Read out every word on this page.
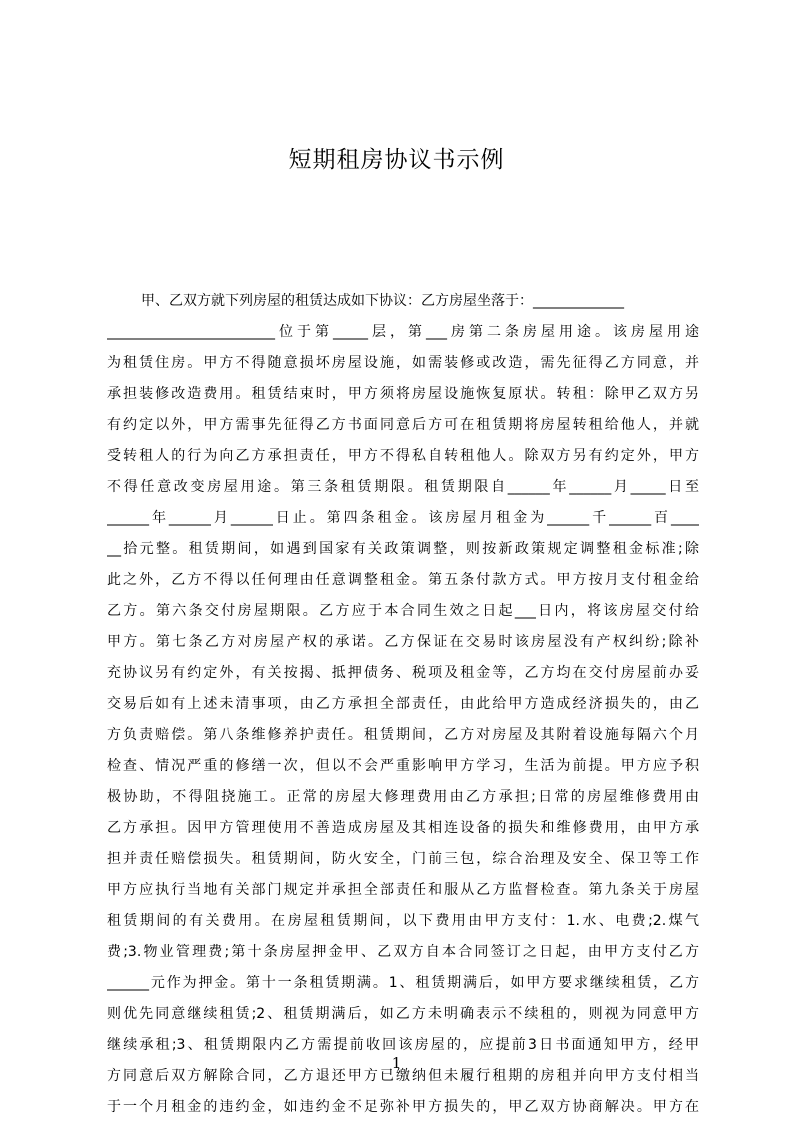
短期租房协议书示例

甲、乙双方就下列房屋的租赁达成如下协议：乙方房屋坐落于：_____________

________________________位于第_____层，第___房第二条房屋用途。该房屋用途

为租赁住房。甲方不得随意损坏房屋设施，如需装修或改造，需先征得乙方同意，并

承担装修改造费用。租赁结束时，甲方须将房屋设施恢复原状。转租：除甲乙双方另

有约定以外，甲方需事先征得乙方书面同意后方可在租赁期将房屋转租给他人，并就

受转租人的行为向乙方承担责任，甲方不得私自转租他人。除双方另有约定外，甲方

不得任意改变房屋用途。第三条租赁期限。租赁期限自______年______月_____日至

______年______月______日止。第四条租金。该房屋月租金为______千______百____

__拾元整。租赁期间，如遇到国家有关政策调整，则按新政策规定调整租金标准;除

此之外，乙方不得以任何理由任意调整租金。第五条付款方式。甲方按月支付租金给

乙方。第六条交付房屋期限。乙方应于本合同生效之日起___日内，将该房屋交付给

甲方。第七条乙方对房屋产权的承诺。乙方保证在交易时该房屋没有产权纠纷;除补

充协议另有约定外，有关按揭、抵押债务、税项及租金等，乙方均在交付房屋前办妥

交易后如有上述未清事项，由乙方承担全部责任，由此给甲方造成经济损失的，由乙

方负责赔偿。第八条维修养护责任。租赁期间，乙方对房屋及其附着设施每隔六个月

检查、情况严重的修缮一次，但以不会严重影响甲方学习，生活为前提。甲方应予积

极协助，不得阻挠施工。正常的房屋大修理费用由乙方承担;日常的房屋维修费用由

乙方承担。因甲方管理使用不善造成房屋及其相连设备的损失和维修费用，由甲方承

担并责任赔偿损失。租赁期间，防火安全，门前三包，综合治理及安全、保卫等工作

甲方应执行当地有关部门规定并承担全部责任和服从乙方监督检查。第九条关于房屋

租赁期间的有关费用。在房屋租赁期间，以下费用由甲方支付：1.水、电费;2.煤气

费;3.物业管理费;第十条房屋押金甲、乙双方自本合同签订之日起，由甲方支付乙方

______元作为押金。第十一条租赁期满。1、租赁期满后，如甲方要求继续租赁，乙方

则优先同意继续租赁;2、租赁期满后，如乙方未明确表示不续租的，则视为同意甲方

继续承租;3、租赁期限内乙方需提前收回该房屋的，应提前3日书面通知甲方，经甲

方同意后双方解除合同，乙方退还甲方已缴纳但未履行租期的房租并向甲方支付相当

于一个月租金的违约金，如违约金不足弥补甲方损失的，甲乙双方协商解决。甲方在

1
